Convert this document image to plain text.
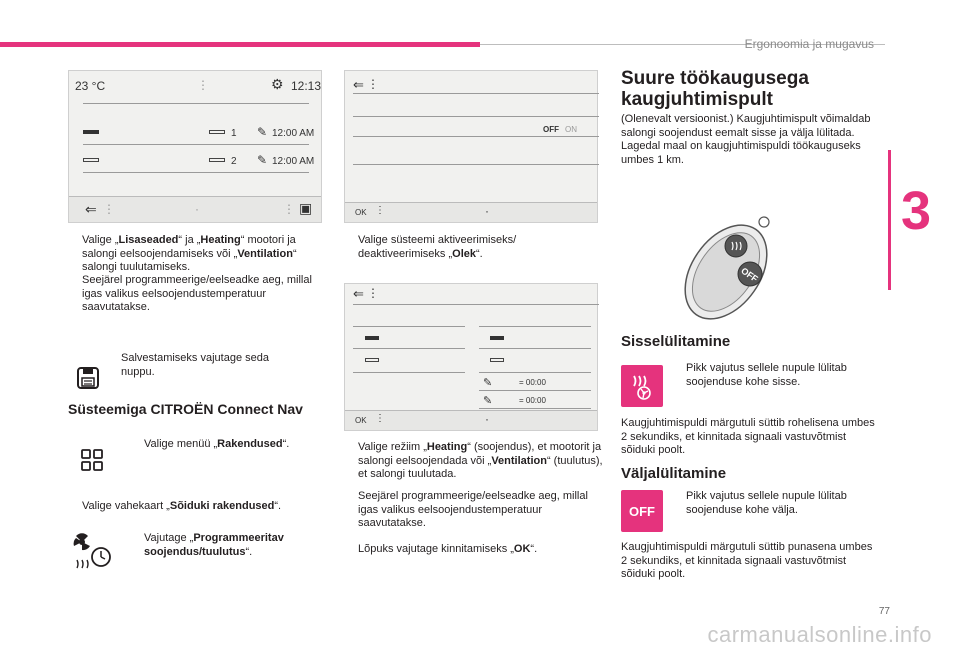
Ergonoomia ja mugavus
3
23 °C	⋮	⚙ 12:13
1 ✎ 12:00 AM
2 ✎ 12:00 AM
⇐ ⋮	·	⋮ ▣
⇐ ⋮
OFF ON
OK ⋮	·
⇐ ⋮
✎	= 00:00
✎	= 00:00
OK ⋮	·
Valige „Lisaseaded“ ja „Heating“ mootori ja salongi eelsoojendamiseks või „Ventilation“ salongi tuulutamiseks.
Seejärel programmeerige/eelseadke aeg, millal igas valikus eelsoojendustemperatuur saavutatakse.
Salvestamiseks vajutage seda nuppu.
Süsteemiga CITROËN Connect Nav
Valige menüü „Rakendused“.
Valige vahekaart „Sõiduki rakendused“.
Vajutage „Programmeeritav soojendus/tuulutus“.
Valige süsteemi aktiveerimiseks/ deaktiveerimiseks „Olek“.
Valige režiim „Heating“ (soojendus), et mootorit ja salongi eelsoojendada või „Ventilation“ (tuulutus), et salongi tuulutada.
Seejärel programmeerige/eelseadke aeg, millal igas valikus eelsoojendustemperatuur saavutatakse.
Lõpuks vajutage kinnitamiseks „OK“.
Suure töökaugusega kaugjuhtimispult
(Olenevalt versioonist.) Kaugjuhtimispult võimaldab salongi soojendust eemalt sisse ja välja lülitada. Lagedal maal on kaugjuhtimispuldi töökauguseks umbes 1 km.
OFF
Sisselülitamine
Pikk vajutus sellele nupule lülitab soojenduse kohe sisse.
Kaugjuhtimispuldi märgutuli süttib rohelisena umbes 2 sekundiks, et kinnitada signaali vastuvõtmist sõiduki poolt.
Väljalülitamine
OFF
Pikk vajutus sellele nupule lülitab soojenduse kohe välja.
Kaugjuhtimispuldi märgutuli süttib punasena umbes 2 sekundiks, et kinnitada signaali vastuvõtmist sõiduki poolt.
77
carmanualsonline.info
